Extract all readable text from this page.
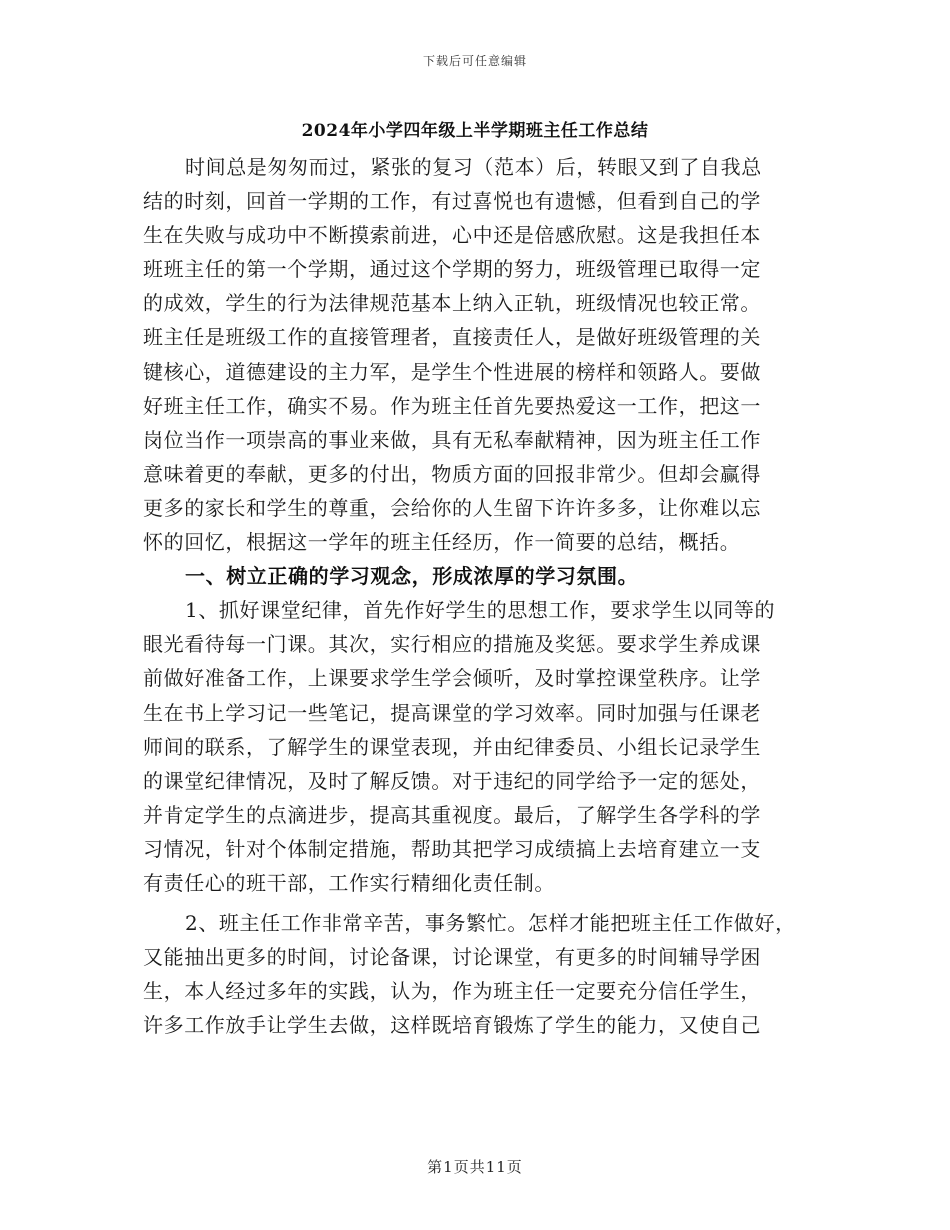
下载后可任意编辑
2024年小学四年级上半学期班主任工作总结
时间总是匆匆而过，紧张的复习（范本）后，转眼又到了自我总
结的时刻，回首一学期的工作，有过喜悦也有遗憾，但看到自己的学
生在失败与成功中不断摸索前进，心中还是倍感欣慰。这是我担任本
班班主任的第一个学期，通过这个学期的努力，班级管理已取得一定
的成效，学生的行为法律规范基本上纳入正轨，班级情况也较正常。
班主任是班级工作的直接管理者，直接责任人，是做好班级管理的关
键核心，道德建设的主力军，是学生个性进展的榜样和领路人。要做
好班主任工作，确实不易。作为班主任首先要热爱这一工作，把这一
岗位当作一项崇高的事业来做，具有无私奉献精神，因为班主任工作
意味着更的奉献，更多的付出，物质方面的回报非常少。但却会赢得
更多的家长和学生的尊重，会给你的人生留下许许多多，让你难以忘
怀的回忆，根据这一学年的班主任经历，作一简要的总结，概括。
一、树立正确的学习观念，形成浓厚的学习氛围。
1、抓好课堂纪律，首先作好学生的思想工作，要求学生以同等的
眼光看待每一门课。其次，实行相应的措施及奖惩。要求学生养成课
前做好准备工作，上课要求学生学会倾听，及时掌控课堂秩序。让学
生在书上学习记一些笔记，提高课堂的学习效率。同时加强与任课老
师间的联系，了解学生的课堂表现，并由纪律委员、小组长记录学生
的课堂纪律情况，及时了解反馈。对于违纪的同学给予一定的惩处，
并肯定学生的点滴进步，提高其重视度。最后，了解学生各学科的学
习情况，针对个体制定措施，帮助其把学习成绩搞上去培育建立一支
有责任心的班干部，工作实行精细化责任制。
2、班主任工作非常辛苦，事务繁忙。怎样才能把班主任工作做好，
又能抽出更多的时间，讨论备课，讨论课堂，有更多的时间辅导学困
生，本人经过多年的实践，认为，作为班主任一定要充分信任学生，
许多工作放手让学生去做，这样既培育锻炼了学生的能力，又使自己
第1页共11页
